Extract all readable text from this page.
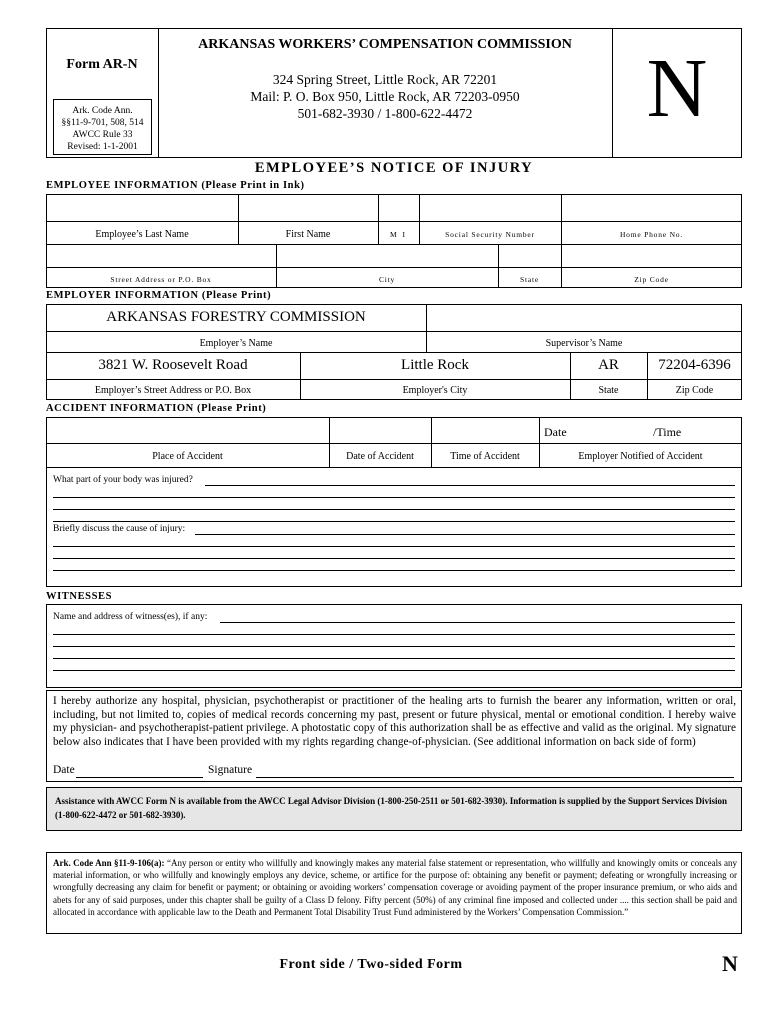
Form AR-N
Ark. Code Ann.
§§11-9-701, 508, 514
AWCC Rule 33
Revised: 1-1-2001
ARKANSAS WORKERS’ COMPENSATION COMMISSION
324 Spring Street, Little Rock, AR 72201
Mail: P. O. Box 950, Little Rock, AR 72203-0950
501-682-3930 / 1-800-622-4472	N
EMPLOYEE’S NOTICE OF INJURY
EMPLOYEE INFORMATION (Please Print in Ink)
Employee’s Last Name	First Name	M I	Social Security Number	Home Phone No.
Street Address or P.O. Box	City	State	Zip Code
EMPLOYER INFORMATION (Please Print)
ARKANSAS FORESTRY COMMISSION
Employer’s Name	Supervisor’s Name
3821 W. Roosevelt Road	Little Rock	AR	72204-6396
Employer’s Street Address or P.O. Box	Employer's City	State	Zip Code
ACCIDENT INFORMATION (Please Print)
Date	/Time
Place of Accident	Date of Accident	Time of Accident	Employer Notified of Accident
What part of your body was injured?
Briefly discuss the cause of injury:
WITNESSES
Name and address of witness(es), if any:
I hereby authorize any hospital, physician, psychotherapist or practitioner of the healing arts to furnish the bearer any information, written or oral, including, but not limited to, copies of medical records concerning my past, present or future physical, mental or emotional condition. I hereby waive my physician- and psychotherapist-patient privilege. A photostatic copy of this authorization shall be as effective and valid as the original. My signature below also indicates that I have been provided with my rights regarding change-of-physician. (See additional information on back side of form)
Date	Signature
Assistance with AWCC Form N is available from the AWCC Legal Advisor Division (1-800-250-2511 or 501-682-3930). Information is supplied by the Support Services Division (1-800-622-4472 or 501-682-3930).
Ark. Code Ann §11-9-106(a): “Any person or entity who willfully and knowingly makes any material false statement or representation, who willfully and knowingly omits or conceals any material information, or who willfully and knowingly employs any device, scheme, or artifice for the purpose of: obtaining any benefit or payment; defeating or wrongfully increasing or wrongfully decreasing any claim for benefit or payment; or obtaining or avoiding workers’ compensation coverage or avoiding payment of the proper insurance premium, or who aids and abets for any of said purposes, under this chapter shall be guilty of a Class D felony. Fifty percent (50%) of any criminal fine imposed and collected under .... this section shall be paid and allocated in accordance with applicable law to the Death and Permanent Total Disability Trust Fund administered by the Workers’ Compensation Commission.”
Front side / Two-sided Form	N
